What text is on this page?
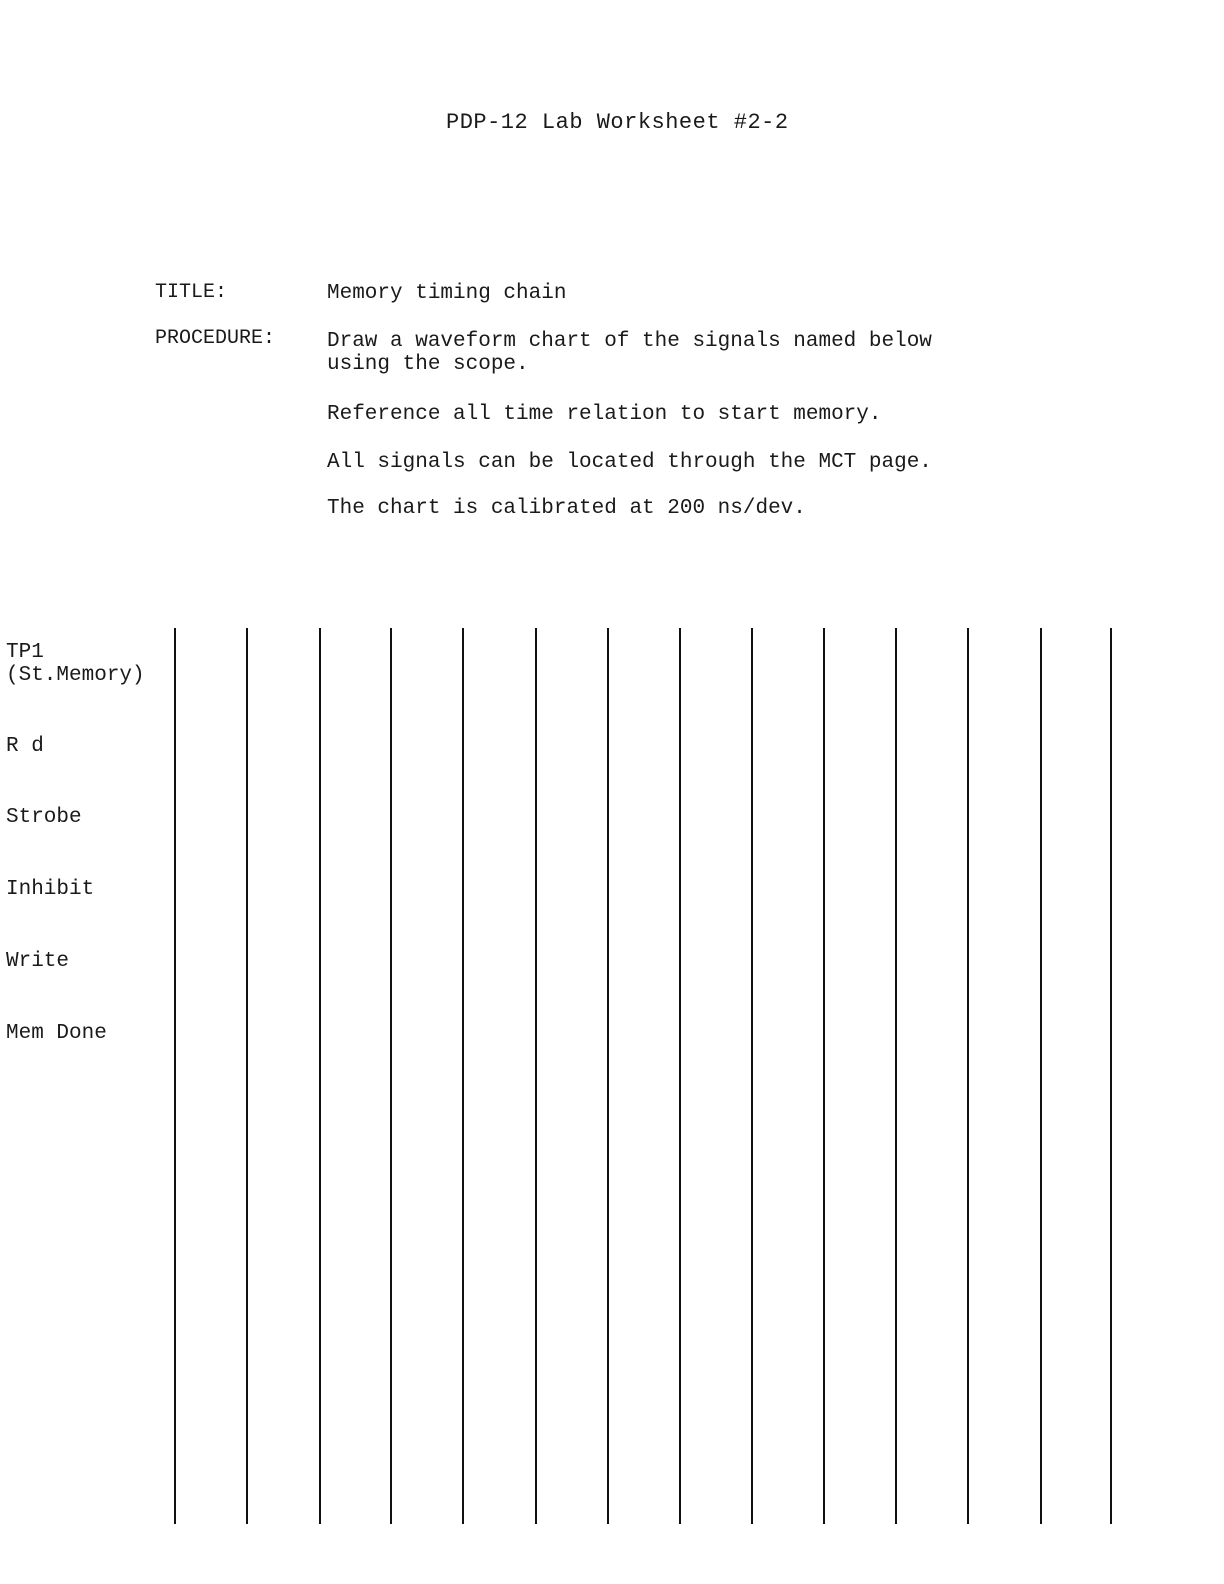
PDP-12 Lab Worksheet #2-2
TITLE:	Memory timing chain
PROCEDURE: Draw a waveform chart of the signals named below
using the scope.
Reference all time relation to start memory.
All signals can be located through the MCT page.
The chart is calibrated at 200 ns/dev.
TP1
(St.Memory)
R d
Strobe
Inhibit
Write
Mem Done
